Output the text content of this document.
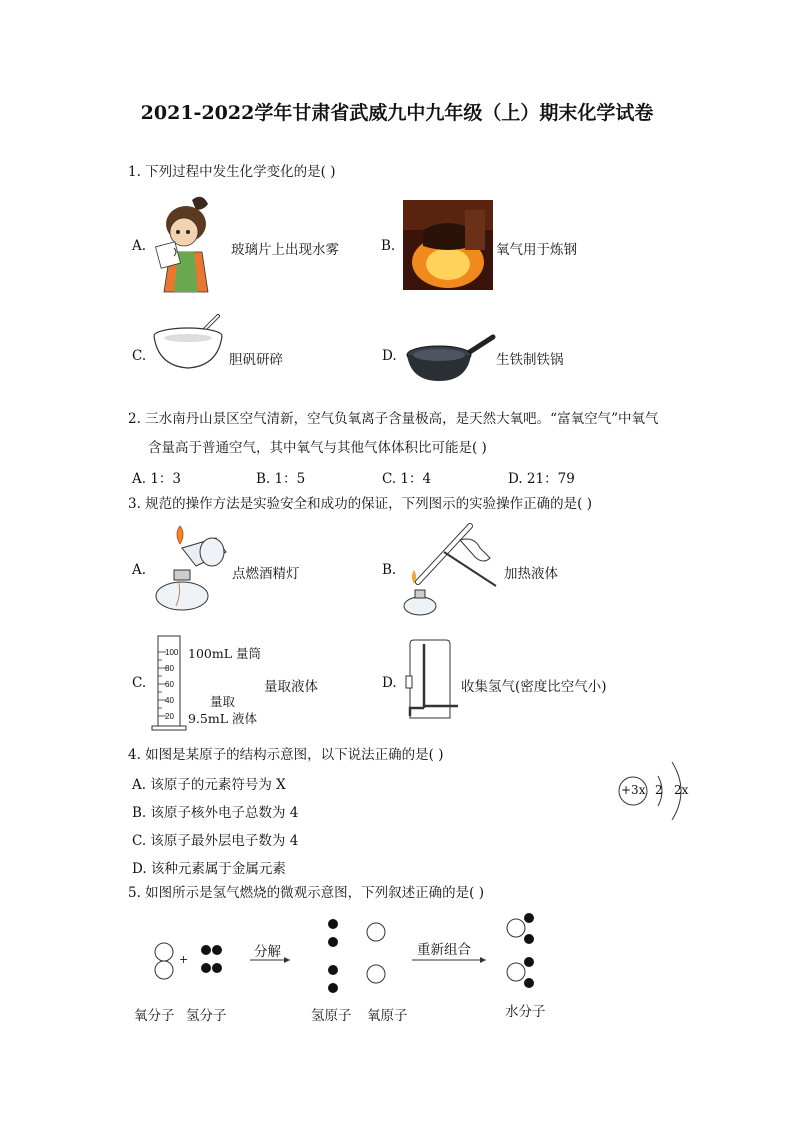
2021-2022学年甘肃省武威九中九年级（上）期末化学试卷
1. 下列过程中发生化学变化的是( )
A.	玻璃片上出现水雾	B.	氧气用于炼钢
C.	胆矾研碎	D.	生铁制铁锅
2. 三水南丹山景区空气清新，空气负氧离子含量极高，是天然大氧吧。“富氧空气”中氧气
含量高于普通空气，其中氧气与其他气体体积比可能是( )
A. 1：3	B. 1：5	C. 1：4	D. 21：79
3. 规范的操作方法是实验安全和成功的保证，下列图示的实验操作正确的是( )
A.	点燃酒精灯	B.	加热液体
C.
100
80
60
40
20
100mL 量筒
量取
9.5mL 液体
量取液体	D.	收集氢气(密度比空气小)
4. 如图是某原子的结构示意图，以下说法正确的是( )
A. 该原子的元素符号为 X
B. 该原子核外电子总数为 4
C. 该原子最外层电子数为 4
D. 该种元素属于金属元素
+3x 2 2x
5. 如图所示是氢气燃烧的微观示意图，下列叙述正确的是( )
+	分解	重新组合
氧分子 氢分子	氢原子 氧原子	水分子
